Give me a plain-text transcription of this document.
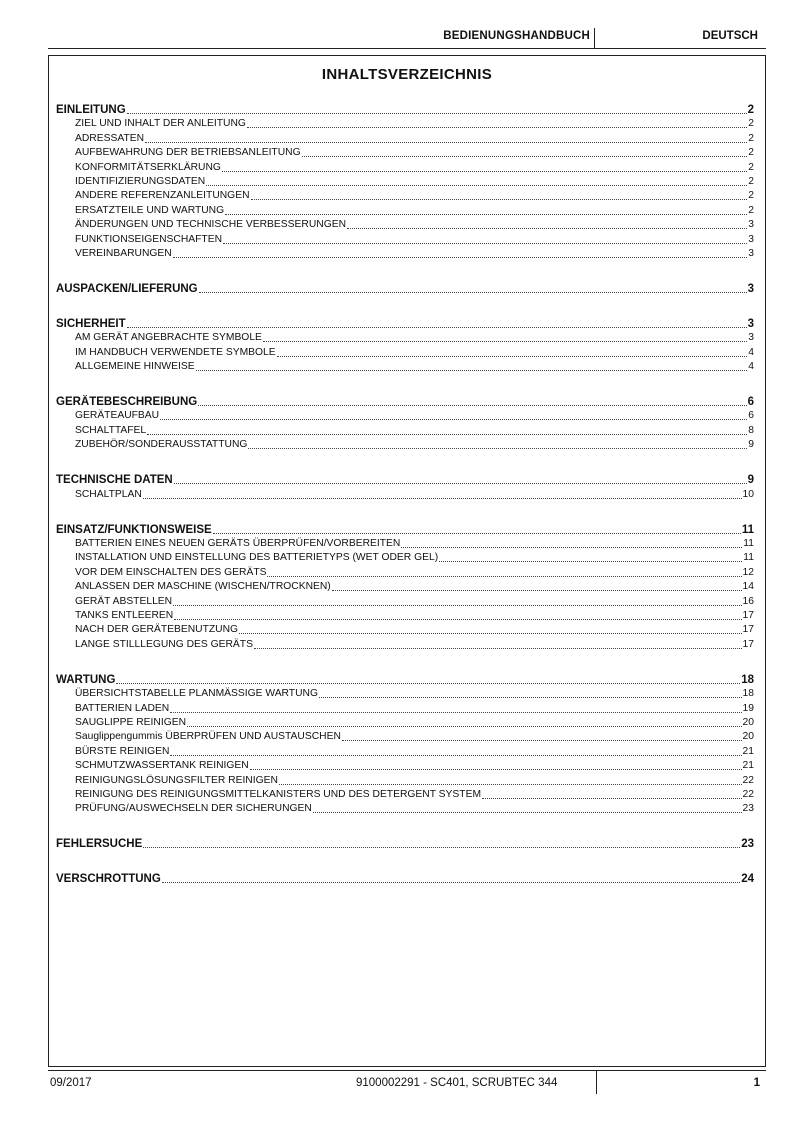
BEDIENUNGSHANDBUCH	DEUTSCH
INHALTSVERZEICHNIS
EINLEITUNG	2
ZIEL UND INHALT DER ANLEITUNG	2
ADRESSATEN	2
AUFBEWAHRUNG DER BETRIEBSANLEITUNG	2
KONFORMITÄTSERKLÄRUNG	2
IDENTIFIZIERUNGSDATEN	2
ANDERE REFERENZANLEITUNGEN	2
ERSATZTEILE UND WARTUNG	2
ÄNDERUNGEN UND TECHNISCHE VERBESSERUNGEN	3
FUNKTIONSEIGENSCHAFTEN	3
VEREINBARUNGEN	3
AUSPACKEN/LIEFERUNG	3
SICHERHEIT	3
AM GERÄT ANGEBRACHTE SYMBOLE	3
IM HANDBUCH VERWENDETE SYMBOLE	4
ALLGEMEINE HINWEISE	4
GERÄTEBESCHREIBUNG	6
GERÄTEAUFBAU	6
SCHALTTAFEL	8
ZUBEHÖR/SONDERAUSSTATTUNG	9
TECHNISCHE DATEN	9
SCHALTPLAN	10
EINSATZ/FUNKTIONSWEISE	11
BATTERIEN EINES NEUEN GERÄTS ÜBERPRÜFEN/VORBEREITEN	11
INSTALLATION UND EINSTELLUNG DES BATTERIETYPS (WET ODER GEL)	11
VOR DEM EINSCHALTEN DES GERÄTS	12
ANLASSEN DER MASCHINE (WISCHEN/TROCKNEN)	14
GERÄT ABSTELLEN	16
TANKS ENTLEEREN	17
NACH DER GERÄTEBENUTZUNG	17
LANGE STILLLEGUNG DES GERÄTS	17
WARTUNG	18
ÜBERSICHTSTABELLE PLANMÄSSIGE WARTUNG	18
BATTERIEN LADEN	19
SAUGLIPPE REINIGEN	20
Sauglippengummis ÜBERPRÜFEN UND AUSTAUSCHEN	20
BÜRSTE REINIGEN	21
SCHMUTZWASSERTANK REINIGEN	21
REINIGUNGSLÖSUNGSFILTER REINIGEN	22
REINIGUNG DES REINIGUNGSMITTELKANISTERS UND DES DETERGENT SYSTEM	22
PRÜFUNG/AUSWECHSELN DER SICHERUNGEN	23
FEHLERSUCHE	23
VERSCHROTTUNG	24
09/2017	9100002291 - SC401, SCRUBTEC 344	1
